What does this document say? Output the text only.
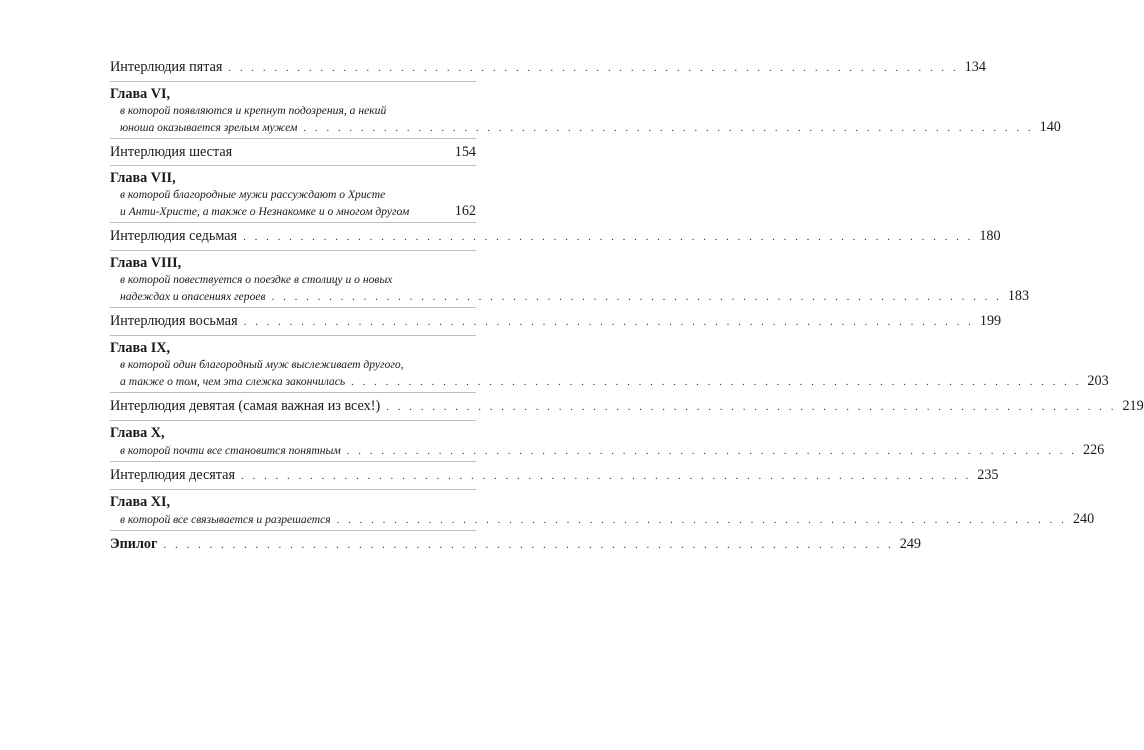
Интерлюдия пятая . . . . . . . . . . . . . . . . . . . . . . . . . . . . . . . . . . . . . . . . . . . . . . . . . . . . . . . . . . . . . . . . 134
Глава VI,
в которой появляются и крепнут подозрения, а некий
юноша оказывается зрелым мужем . . . . . . . . . . . . . . . . . . . . . . . . . . . . . . . . . . . . . . . . . . . . . . . . . . . . . . . . . . . . . . . . 140
Интерлюдия шестая	154
Глава VII,
в которой благородные мужи рассуждают о Христе
и Анти-Христе, а также о Незнакомке и о многом другом	162
Интерлюдия седьмая . . . . . . . . . . . . . . . . . . . . . . . . . . . . . . . . . . . . . . . . . . . . . . . . . . . . . . . . . . . . . . . . 180
Глава VIII,
в которой повествуется о поездке в столицу и о новых
надеждах и опасениях героев . . . . . . . . . . . . . . . . . . . . . . . . . . . . . . . . . . . . . . . . . . . . . . . . . . . . . . . . . . . . . . . . 183
Интерлюдия восьмая . . . . . . . . . . . . . . . . . . . . . . . . . . . . . . . . . . . . . . . . . . . . . . . . . . . . . . . . . . . . . . . . 199
Глава IX,
в которой один благородный муж выслеживает другого,
а также о том, чем эта слежка закончилась . . . . . . . . . . . . . . . . . . . . . . . . . . . . . . . . . . . . . . . . . . . . . . . . . . . . . . . . . . . . . . . . 203
Интерлюдия девятая (самая важная из всех!) . . . . . . . . . . . . . . . . . . . . . . . . . . . . . . . . . . . . . . . . . . . . . . . . . . . . . . . . . . . . . . . . 219
Глава X,
в которой почти все становится понятным . . . . . . . . . . . . . . . . . . . . . . . . . . . . . . . . . . . . . . . . . . . . . . . . . . . . . . . . . . . . . . . . 226
Интерлюдия десятая . . . . . . . . . . . . . . . . . . . . . . . . . . . . . . . . . . . . . . . . . . . . . . . . . . . . . . . . . . . . . . . . 235
Глава XI,
в которой все связывается и разрешается . . . . . . . . . . . . . . . . . . . . . . . . . . . . . . . . . . . . . . . . . . . . . . . . . . . . . . . . . . . . . . . . 240
Эпилог . . . . . . . . . . . . . . . . . . . . . . . . . . . . . . . . . . . . . . . . . . . . . . . . . . . . . . . . . . . . . . . . 249
